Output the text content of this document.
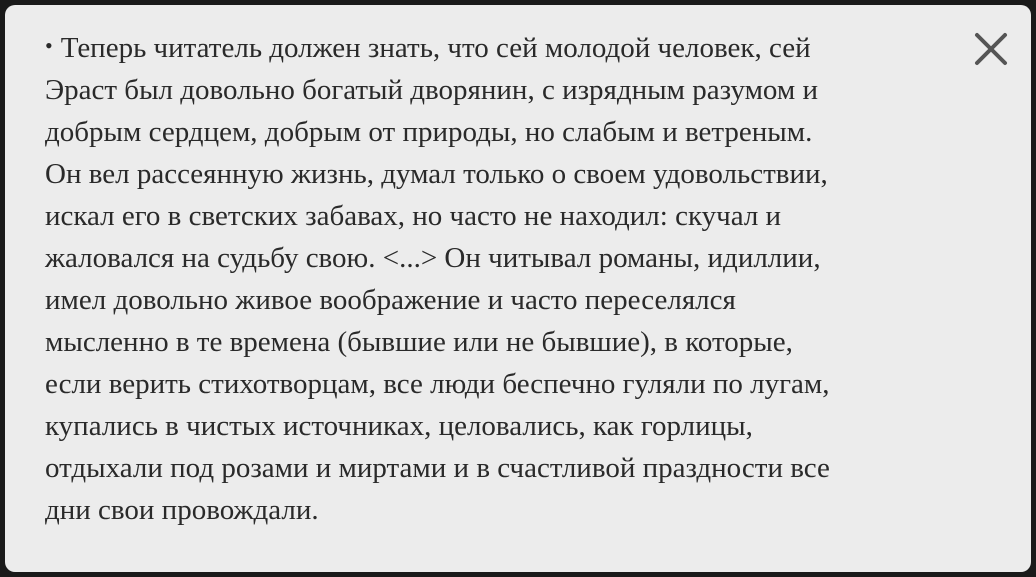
• Теперь читатель должен знать, что сей молодой человек, сей
Эраст был довольно богатый дворянин, с изрядным разумом и
добрым сердцем, добрым от природы, но слабым и ветреным.
Он вел рассеянную жизнь, думал только о своем удовольствии,
искал его в светских забавах, но часто не находил: скучал и
жаловался на судьбу свою. <...> Он читывал романы, идиллии,
имел довольно живое воображение и часто переселялся
мысленно в те времена (бывшие или не бывшие), в которые,
если верить стихотворцам, все люди беспечно гуляли по лугам,
купались в чистых источниках, целовались, как горлицы,
отдыхали под розами и миртами и в счастливой праздности все
дни свои провождали.
